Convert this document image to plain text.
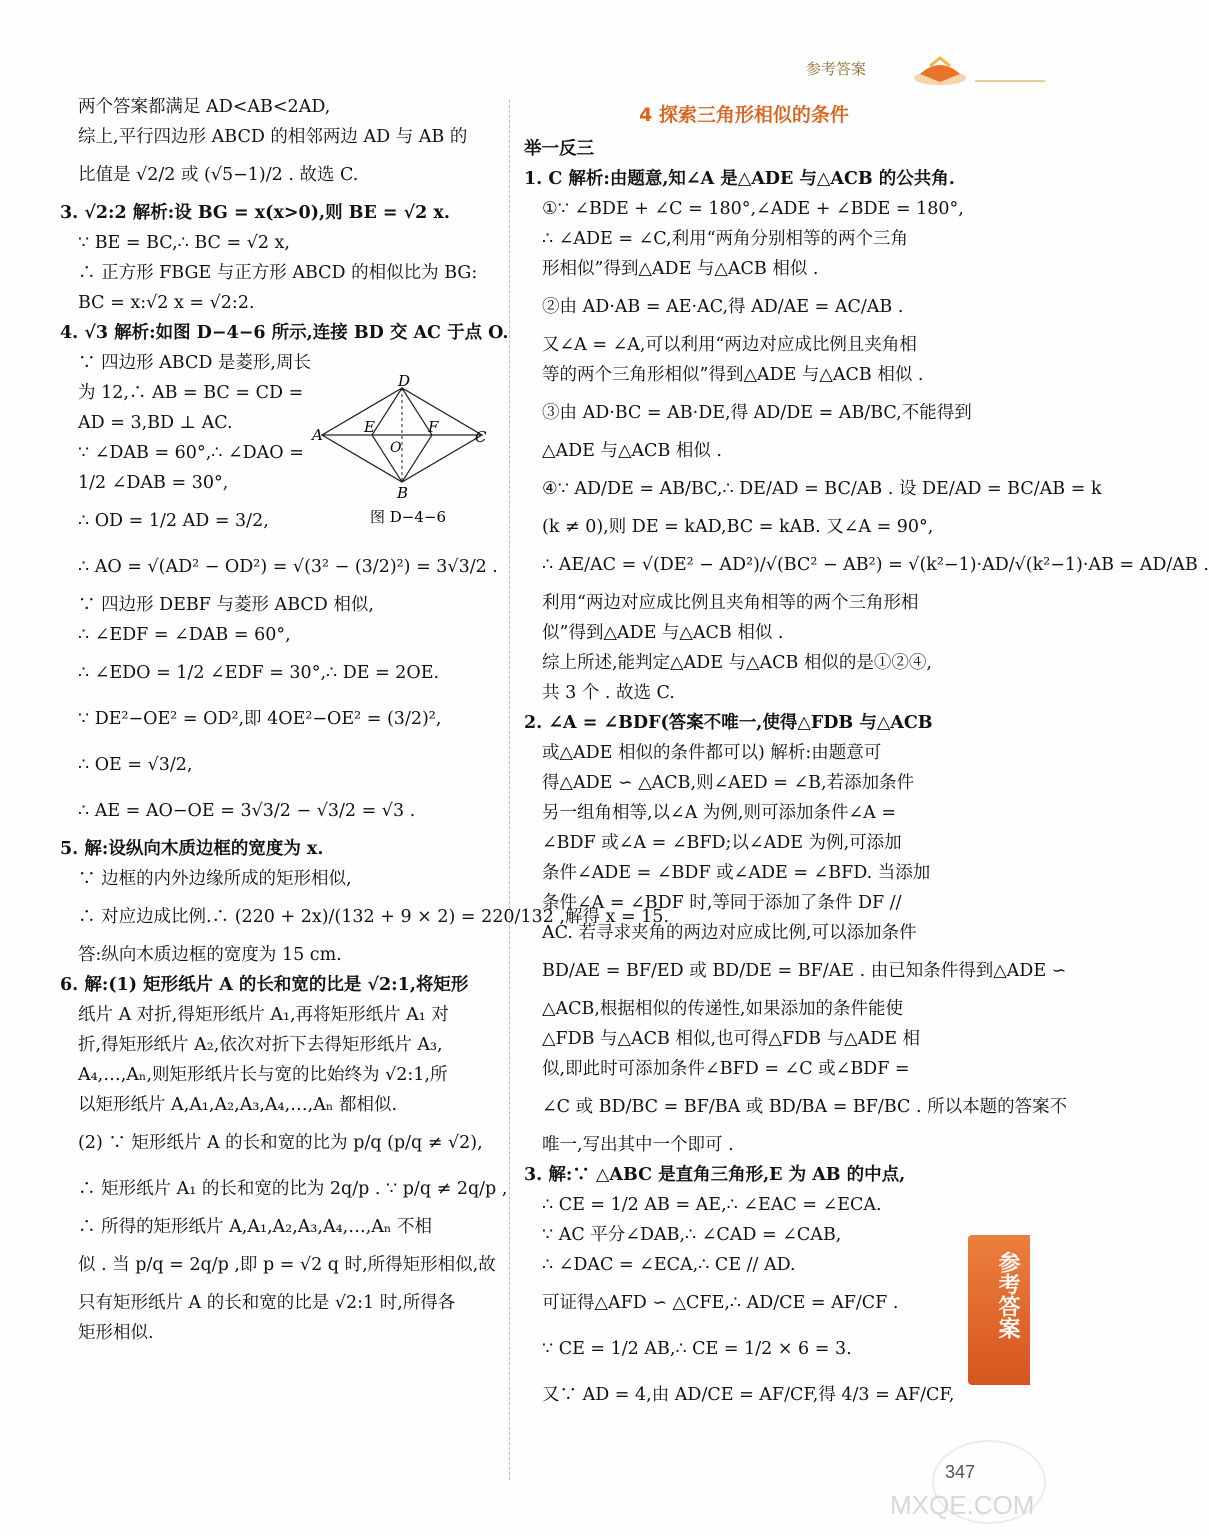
参考答案
两个答案都满足 AD<AB<2AD,
综上,平行四边形 ABCD 的相邻两边 AD 与 AB 的
比值是 √2/2 或 (√5−1)/2 . 故选 C.
3. √2:2 解析:设 BG = x(x>0),则 BE = √2 x.
∵ BE = BC,∴ BC = √2 x,
∴ 正方形 FBGE 与正方形 ABCD 的相似比为 BG:
BC = x:√2 x = √2:2.
4. √3 解析:如图 D−4−6 所示,连接 BD 交 AC 于点 O.
∵ 四边形 ABCD 是菱形,周长
为 12,∴ AB = BC = CD =
AD = 3,BD ⊥ AC.
∵ ∠DAB = 60°,∴ ∠DAO =
1/2 ∠DAB = 30°,
∴ OD = 1/2 AD = 3/2,
∴ AO = √(AD² − OD²) = √(3² − (3/2)²) = 3√3/2 .
∵ 四边形 DEBF 与菱形 ABCD 相似,
∴ ∠EDF = ∠DAB = 60°,
∴ ∠EDO = 1/2 ∠EDF = 30°,∴ DE = 2OE.
∵ DE²−OE² = OD²,即 4OE²−OE² = (3/2)²,
∴ OE = √3/2,
∴ AE = AO−OE = 3√3/2 − √3/2 = √3 .
5. 解:设纵向木质边框的宽度为 x.
∵ 边框的内外边缘所成的矩形相似,
∴ 对应边成比例.∴ (220 + 2x)/(132 + 9 × 2) = 220/132 ,解得 x = 15.
答:纵向木质边框的宽度为 15 cm.
6. 解:(1) 矩形纸片 A 的长和宽的比是 √2:1,将矩形
纸片 A 对折,得矩形纸片 A₁,再将矩形纸片 A₁ 对
折,得矩形纸片 A₂,依次对折下去得矩形纸片 A₃,
A₄,…,Aₙ,则矩形纸片长与宽的比始终为 √2:1,所
以矩形纸片 A,A₁,A₂,A₃,A₄,…,Aₙ 都相似.
(2) ∵ 矩形纸片 A 的长和宽的比为 p/q (p/q ≠ √2),
∴ 矩形纸片 A₁ 的长和宽的比为 2q/p . ∵ p/q ≠ 2q/p ,
∴ 所得的矩形纸片 A,A₁,A₂,A₃,A₄,…,Aₙ 不相
似 . 当 p/q = 2q/p ,即 p = √2 q 时,所得矩形相似,故
只有矩形纸片 A 的长和宽的比是 √2:1 时,所得各
矩形相似.
D
A	C
B
E	F
O
图 D−4−6
4 探索三角形相似的条件
举一反三
1. C 解析:由题意,知∠A 是△ADE 与△ACB 的公共角.
①∵ ∠BDE + ∠C = 180°,∠ADE + ∠BDE = 180°,
∴ ∠ADE = ∠C,利用“两角分别相等的两个三角
形相似”得到△ADE 与△ACB 相似 .
②由 AD·AB = AE·AC,得 AD/AE = AC/AB .
又∠A = ∠A,可以利用“两边对应成比例且夹角相
等的两个三角形相似”得到△ADE 与△ACB 相似 .
③由 AD·BC = AB·DE,得 AD/DE = AB/BC,不能得到
△ADE 与△ACB 相似 .
④∵ AD/DE = AB/BC,∴ DE/AD = BC/AB . 设 DE/AD = BC/AB = k
(k ≠ 0),则 DE = kAD,BC = kAB. 又∠A = 90°,
∴ AE/AC = √(DE² − AD²)/√(BC² − AB²) = √(k²−1)·AD/√(k²−1)·AB = AD/AB .
利用“两边对应成比例且夹角相等的两个三角形相
似”得到△ADE 与△ACB 相似 .
综上所述,能判定△ADE 与△ACB 相似的是①②④,
共 3 个 . 故选 C.
2. ∠A = ∠BDF(答案不唯一,使得△FDB 与△ACB
或△ADE 相似的条件都可以) 解析:由题意可
得△ADE ∽ △ACB,则∠AED = ∠B,若添加条件
另一组角相等,以∠A 为例,则可添加条件∠A =
∠BDF 或∠A = ∠BFD;以∠ADE 为例,可添加
条件∠ADE = ∠BDF 或∠ADE = ∠BFD. 当添加
条件∠A = ∠BDF 时,等同于添加了条件 DF //
AC. 若寻求夹角的两边对应成比例,可以添加条件
BD/AE = BF/ED 或 BD/DE = BF/AE . 由已知条件得到△ADE ∽
△ACB,根据相似的传递性,如果添加的条件能使
△FDB 与△ACB 相似,也可得△FDB 与△ADE 相
似,即此时可添加条件∠BFD = ∠C 或∠BDF =
∠C 或 BD/BC = BF/BA 或 BD/BA = BF/BC . 所以本题的答案不
唯一,写出其中一个即可 .
3. 解:∵ △ABC 是直角三角形,E 为 AB 的中点,
∴ CE = 1/2 AB = AE,∴ ∠EAC = ∠ECA.
∵ AC 平分∠DAB,∴ ∠CAD = ∠CAB,
∴ ∠DAC = ∠ECA,∴ CE // AD.
可证得△AFD ∽ △CFE,∴ AD/CE = AF/CF .
∵ CE = 1/2 AB,∴ CE = 1/2 × 6 = 3.
又∵ AD = 4,由 AD/CE = AF/CF,得 4/3 = AF/CF,
参考答案
347
MXQE.COM
